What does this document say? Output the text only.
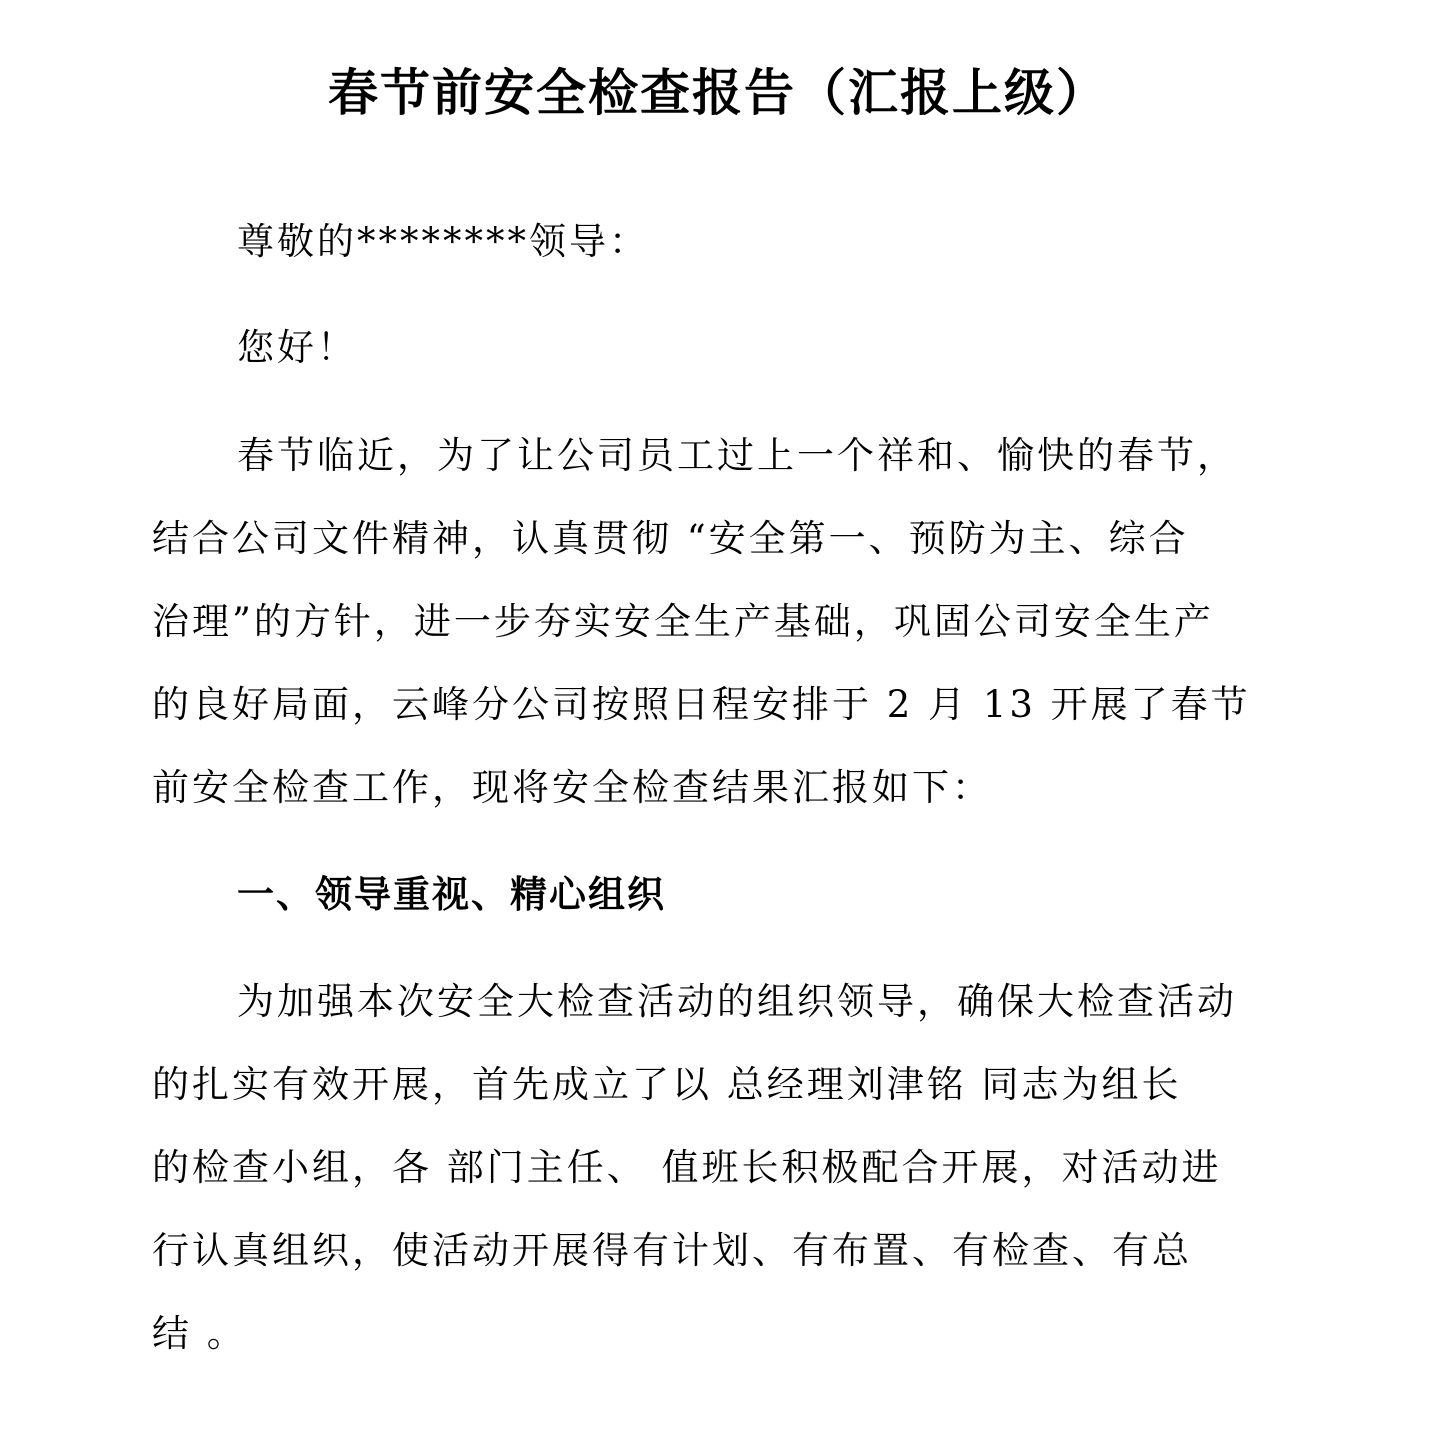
春节前安全检查报告（汇报上级）
尊敬的********领导：
您好！
春节临近，为了让公司员工过上一个祥和、愉快的春节，
结合公司文件精神，认真贯彻 “安全第一、预防为主、综合
治理”的方针，进一步夯实安全生产基础，巩固公司安全生产
的良好局面，云峰分公司按照日程安排于 2 月 13 开展了春节
前安全检查工作，现将安全检查结果汇报如下：
一、领导重视、精心组织
为加强本次安全大检查活动的组织领导，确保大检查活动
的扎实有效开展，首先成立了以 总经理刘津铭 同志为组长
的检查小组，各 部门主任、 值班长积极配合开展，对活动进
行认真组织，使活动开展得有计划、有布置、有检查、有总
结 。
